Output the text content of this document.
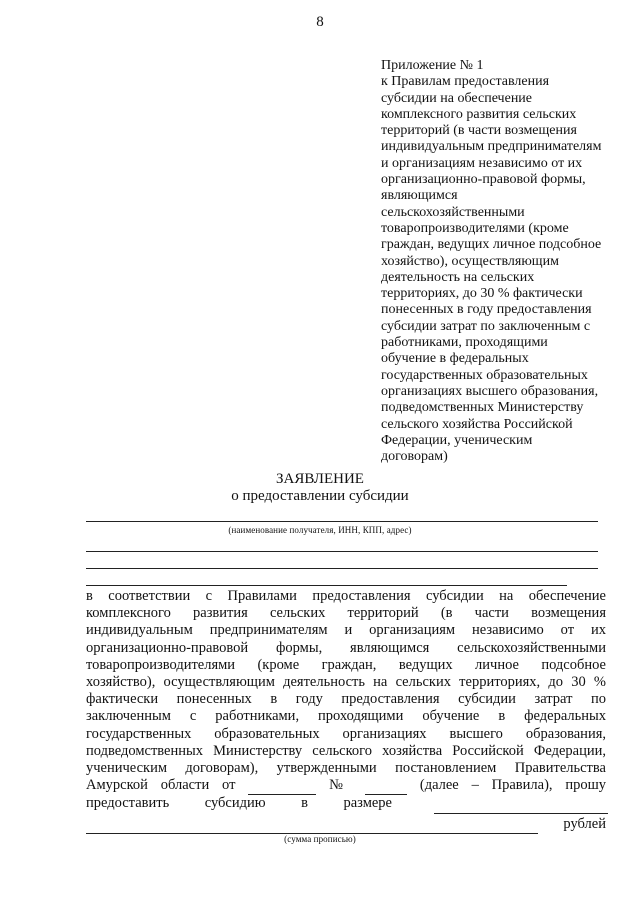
8
Приложение № 1
к Правилам предоставления
субсидии на обеспечение
комплексного развития сельских
территорий (в части возмещения
индивидуальным предпринимателям
и организациям независимо от их
организационно-правовой формы,
являющимся
сельскохозяйственными
товаропроизводителями (кроме
граждан, ведущих личное подсобное
хозяйство), осуществляющим
деятельность на сельских
территориях, до 30 % фактически
понесенных в году предоставления
субсидии затрат по заключенным с
работниками, проходящими
обучение в федеральных
государственных образовательных
организациях высшего образования,
подведомственных Министерству
сельского хозяйства Российской
Федерации, ученическим
договорам)
ЗАЯВЛЕНИЕ
о предоставлении субсидии
(наименование получателя, ИНН, КПП, адрес)
в соответствии с Правилами предоставления субсидии на обеспечение
комплексного развития сельских территорий (в части возмещения
индивидуальным предпринимателям и организациям независимо от их
организационно-правовой формы, являющимся сельскохозяйственными
товаропроизводителями (кроме граждан, ведущих личное подсобное
хозяйство), осуществляющим деятельность на сельских территориях, до 30 %
фактически понесенных в году предоставления субсидии затрат по
заключенным с работниками, проходящими обучение в федеральных
государственных образовательных организациях высшего образования,
подведомственных Министерству сельского хозяйства Российской Федерации,
ученическим договорам), утвержденными постановлением Правительства
Амурской области от	№	(далее – Правила), прошу
предоставить субсидию в размере

рублей
(сумма прописью)
